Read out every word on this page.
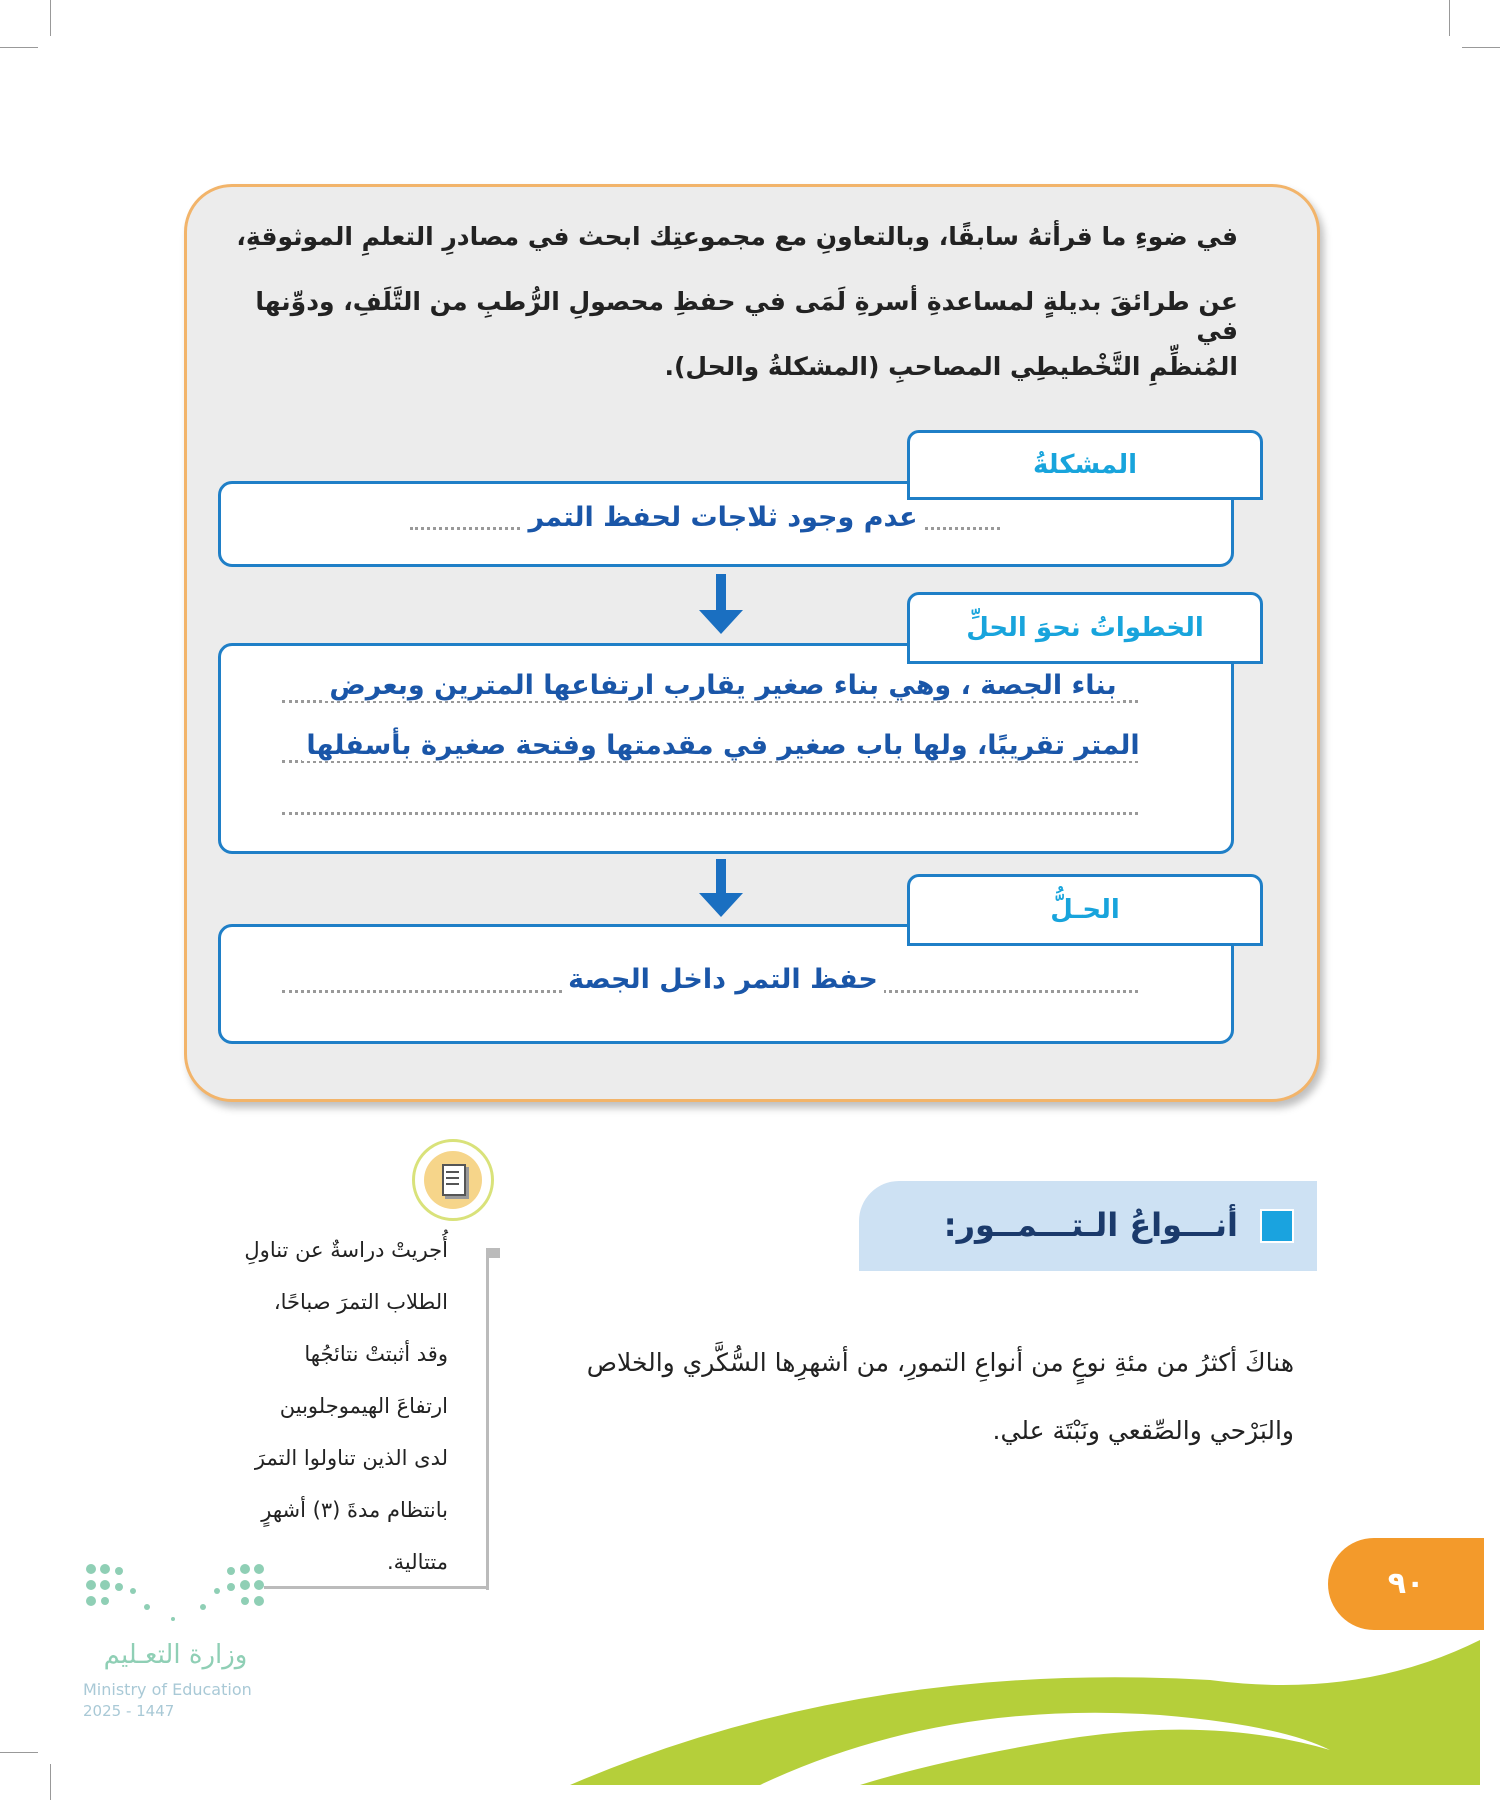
في ضوءِ ما قرأتهُ سابقًا، وبالتعاونِ مع مجموعتِك ابحث في مصادرِ التعلمِ الموثوقةِ،
عن طرائقَ بديلةٍ لمساعدةِ أسرةِ لَمَى في حفظِ محصولِ الرُّطبِ من التَّلَفِ، ودوِّنها في
المُنظِّمِ التَّخْطيطِي المصاحبِ (المشكلةُ والحل).
المشكلةُ
عدم وجود ثلاجات لحفظ التمر
الخطواتُ نحوَ الحلِّ
بناء الجصة ، وهي بناء صغير يقارب ارتفاعها المترين وبعرض
المتر تقريبًا، ولها باب صغير في مقدمتها وفتحة صغيرة بأسفلها
الحـلُّ
حفظ التمر داخل الجصة
أُجريتْ دراسةٌ عن تناولِ
الطلاب التمرَ صباحًا،
وقد أثبتتْ نتائجُها
ارتفاعَ الهيموجلوبين
لدى الذين تناولوا التمرَ
بانتظام مدةَ (٣) أشهرٍ
متتالية.
أنـــواعُ الـتـــمــور:
هناكَ أكثرُ من مئةِ نوعٍ من أنواعِ التمورِ، من أشهرِها السُّكَّري والخلاص
والبَرْحي والصِّقعي ونَبْتَة علي.
٩٠
وزارة التعـليم
Ministry of Education
2025 - 1447
